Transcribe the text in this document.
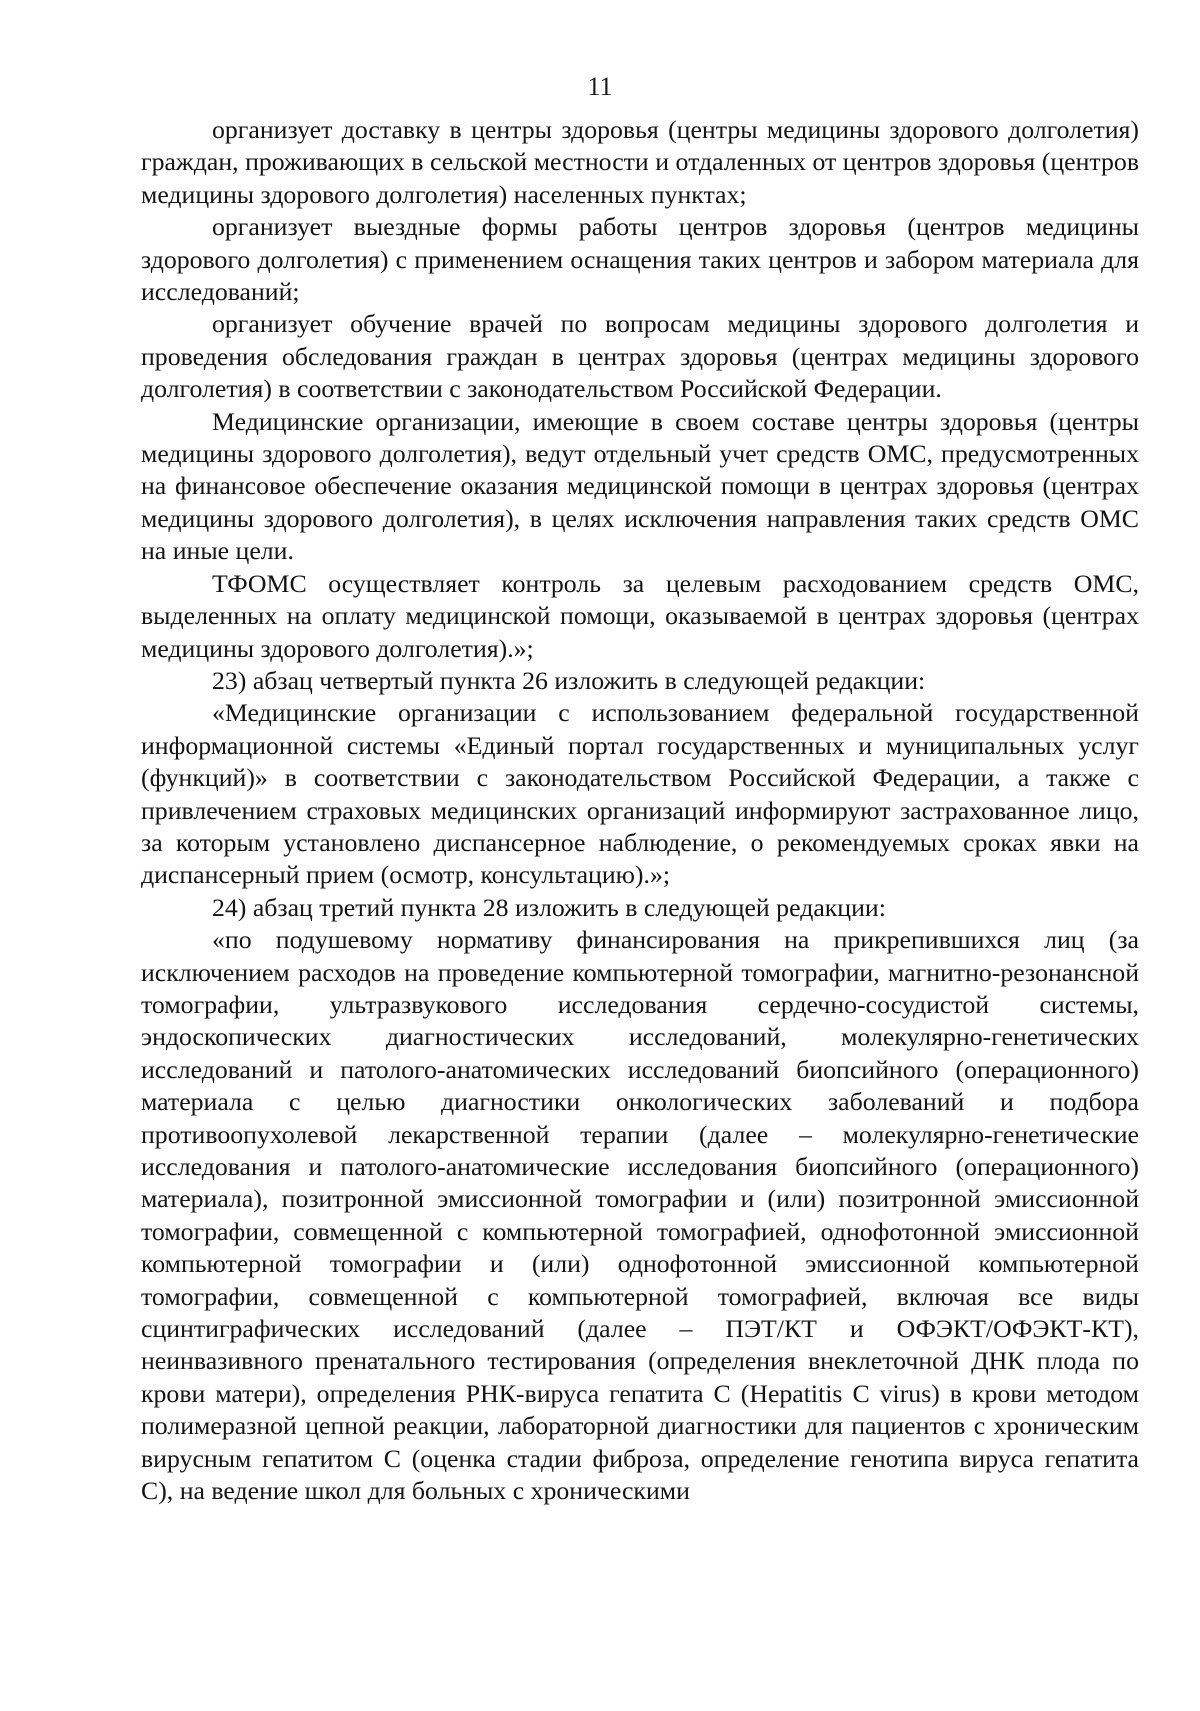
11

организует доставку в центры здоровья (центры медицины здорового долголетия) граждан, проживающих в сельской местности и отдаленных от центров здоровья (центров медицины здорового долголетия) населенных пунктах;

организует выездные формы работы центров здоровья (центров медицины здорового долголетия) с применением оснащения таких центров и забором материала для исследований;

организует обучение врачей по вопросам медицины здорового долголетия и проведения обследования граждан в центрах здоровья (центрах медицины здорового долголетия) в соответствии с законодательством Российской Федерации.

Медицинские организации, имеющие в своем составе центры здоровья (центры медицины здорового долголетия), ведут отдельный учет средств ОМС, предусмотренных на финансовое обеспечение оказания медицинской помощи в центрах здоровья (центрах медицины здорового долголетия), в целях исключения направления таких средств ОМС на иные цели.

ТФОМС осуществляет контроль за целевым расходованием средств ОМС, выделенных на оплату медицинской помощи, оказываемой в центрах здоровья (центрах медицины здорового долголетия).»;

23) абзац четвертый пункта 26 изложить в следующей редакции:

«Медицинские организации с использованием федеральной государственной информационной системы «Единый портал государственных и муниципальных услуг (функций)» в соответствии с законодательством Российской Федерации, а также с привлечением страховых медицинских организаций информируют застрахованное лицо, за которым установлено диспансерное наблюдение, о рекомендуемых сроках явки на диспансерный прием (осмотр, консультацию).»;

24) абзац третий пункта 28 изложить в следующей редакции:

«по подушевому нормативу финансирования на прикрепившихся лиц (за исключением расходов на проведение компьютерной томографии, магнитно-резонансной томографии, ультразвукового исследования сердечно-сосудистой системы, эндоскопических диагностических исследований, молекулярно-генетических исследований и патолого-анатомических исследований биопсийного (операционного) материала с целью диагностики онкологических заболеваний и подбора противоопухолевой лекарственной терапии (далее – молекулярно-генетические исследования и патолого-анатомические исследования биопсийного (операционного) материала), позитронной эмиссионной томографии и (или) позитронной эмиссионной томографии, совмещенной с компьютерной томографией, однофотонной эмиссионной компьютерной томографии и (или) однофотонной эмиссионной компьютерной томографии, совмещенной с компьютерной томографией, включая все виды сцинтиграфических исследований (далее – ПЭТ/КТ и ОФЭКТ/ОФЭКТ-КТ), неинвазивного пренатального тестирования (определения внеклеточной ДНК плода по крови матери), определения РНК-вируса гепатита C (Hepatitis C virus) в крови методом полимеразной цепной реакции, лабораторной диагностики для пациентов с хроническим вирусным гепатитом C (оценка стадии фиброза, определение генотипа вируса гепатита C), на ведение школ для больных с хроническими
